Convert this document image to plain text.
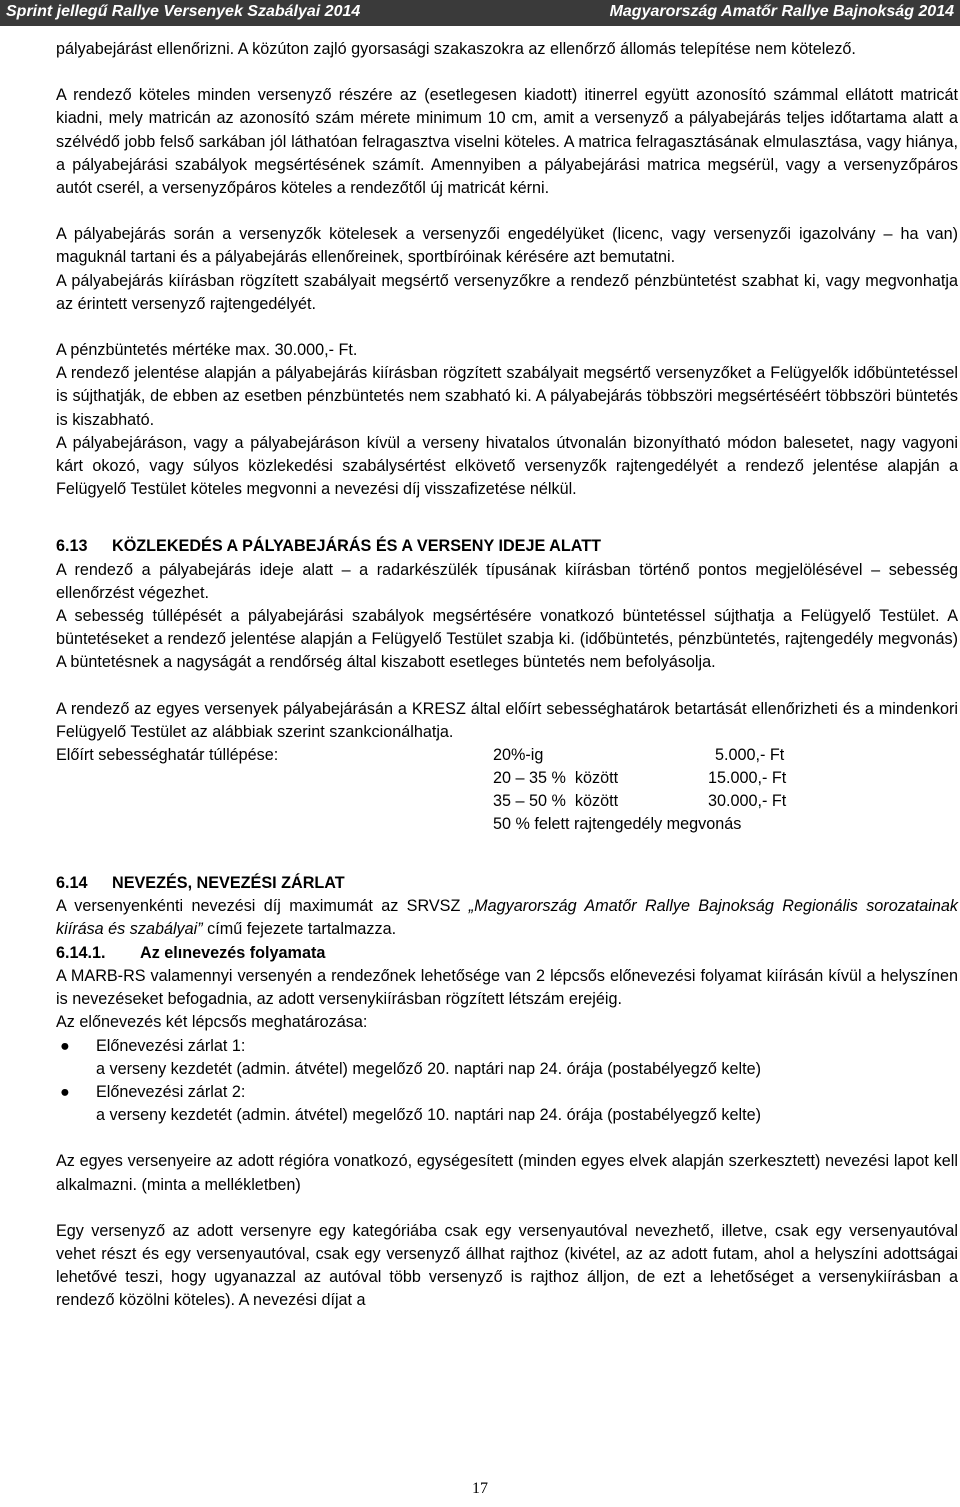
Sprint jellegű Rallye Versenyek Szabályai 2014	Magyarország Amatőr Rallye Bajnokság 2014

pályabejárást ellenőrizni. A közúton zajló gyorsasági szakaszokra az ellenőrző állomás telepítése nem kötelező.

A rendező köteles minden versenyző részére az (esetlegesen kiadott) itinerrel együtt azonosító számmal ellátott matricát kiadni, mely matricán az azonosító szám mérete minimum 10 cm, amit a versenyző a pályabejárás teljes időtartama alatt a szélvédő jobb felső sarkában jól láthatóan felragasztva viselni köteles. A matrica felragasztásának elmulasztása, vagy hiánya, a pályabejárási szabályok megsértésének számít. Amennyiben a pályabejárási matrica megsérül, vagy a versenyzőpáros autót cserél, a versenyzőpáros köteles a rendezőtől új matricát kérni.

A pályabejárás során a versenyzők kötelesek a versenyzői engedélyüket (licenc, vagy versenyzői igazolvány – ha van) maguknál tartani és a pályabejárás ellenőreinek, sportbíróinak kérésére azt bemutatni.

A pályabejárás kiírásban rögzített szabályait megsértő versenyzőkre a rendező pénzbüntetést szabhat ki, vagy megvonhatja az érintett versenyző rajtengedélyét.

A pénzbüntetés mértéke max. 30.000,- Ft.

A rendező jelentése alapján a pályabejárás kiírásban rögzített szabályait megsértő versenyzőket a Felügyelők időbüntetéssel is sújthatják, de ebben az esetben pénzbüntetés nem szabható ki. A pályabejárás többszöri megsértéséért többszöri büntetés is kiszabható.

A pályabejáráson, vagy a pályabejáráson kívül a verseny hivatalos útvonalán bizonyítható módon balesetet, nagy vagyoni kárt okozó, vagy súlyos közlekedési szabálysértést elkövető versenyzők rajtengedélyét a rendező jelentése alapján a Felügyelő Testület köteles megvonni a nevezési díj visszafizetése nélkül.

6.13 KÖZLEKEDÉS A PÁLYABEJÁRÁS ÉS A VERSENY IDEJE ALATT

A rendező a pályabejárás ideje alatt – a radarkészülék típusának kiírásban történő pontos megjelölésével – sebesség ellenőrzést végezhet.

A sebesség túllépését a pályabejárási szabályok megsértésére vonatkozó büntetéssel sújthatja a Felügyelő Testület. A büntetéseket a rendező jelentése alapján a Felügyelő Testület szabja ki. (időbüntetés, pénzbüntetés, rajtengedély megvonás) A büntetésnek a nagyságát a rendőrség által kiszabott esetleges büntetés nem befolyásolja.

A rendező az egyes versenyek pályabejárásán a KRESZ által előírt sebességhatárok betartását ellenőrizheti és a mindenkori Felügyelő Testület az alábbiak szerint szankcionálhatja.

Előírt sebességhatár túllépése:	20%-ig	5.000,- Ft
20 – 35 %  között	15.000,- Ft
35 – 50 %  között	30.000,- Ft
50 % felett rajtengedély megvonás
6.14 NEVEZÉS, NEVEZÉSI ZÁRLAT

A versenyenkénti nevezési díj maximumát az SRVSZ „Magyarország Amatőr Rallye Bajnokság Regionális sorozatainak kiírása és szabályai” című fejezete tartalmazza.

6.14.1. Az elınevezés folyamata

A MARB-RS valamennyi versenyén a rendezőnek lehetősége van 2 lépcsős előnevezési folyamat kiírásán kívül a helyszínen is nevezéseket befogadnia, az adott versenykiírásban rögzített létszám erejéig.

Az előnevezés két lépcsős meghatározása:

● Előnevezési zárlat 1:
a verseny kezdetét (admin. átvétel) megelőző 20. naptári nap 24. órája (postabélyegző kelte)
● Előnevezési zárlat 2:
a verseny kezdetét (admin. átvétel) megelőző 10. naptári nap 24. órája (postabélyegző kelte)

Az egyes versenyeire az adott régióra vonatkozó, egységesített (minden egyes elvek alapján szerkesztett) nevezési lapot kell alkalmazni. (minta a mellékletben)

Egy versenyző az adott versenyre egy kategóriába csak egy versenyautóval nevezhető, illetve, csak egy versenyautóval vehet részt és egy versenyautóval, csak egy versenyző állhat rajthoz (kivétel, az az adott futam, ahol a helyszíni adottságai lehetővé teszi, hogy ugyanazzal az autóval több versenyző is rajthoz álljon, de ezt a lehetőséget a versenykiírásban a rendező közölni köteles). A nevezési díjat a

17
